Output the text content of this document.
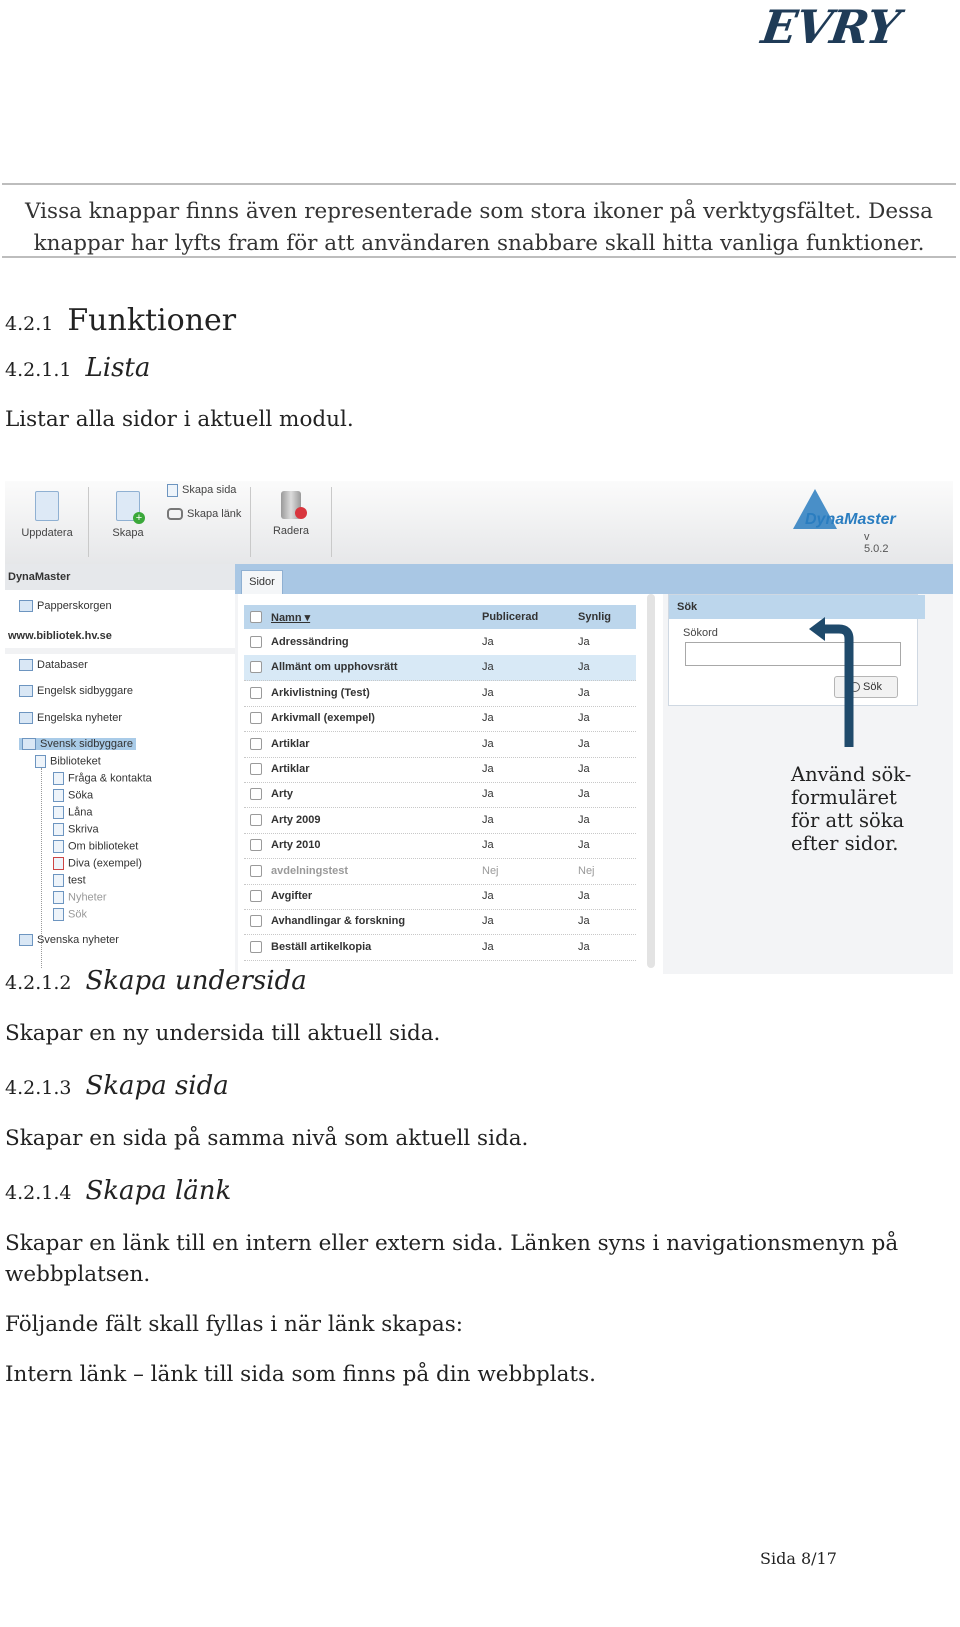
EVRY
Vissa knappar finns även representerade som stora ikoner på verktygsfältet. Dessa knappar har lyfts fram för att användaren snabbare skall hitta vanliga funktioner.
4.2.1 Funktioner
4.2.1.1 Lista
Listar alla sidor i aktuell modul.
Uppdatera
+
Skapa
Skapa sida
Skapa länk
Radera
DynaMaster
v 5.0.2
DynaMaster
Papperskorgen
www.bibliotek.hv.se
Databaser
Engelsk sidbyggare
Engelska nyheter
Svensk sidbyggare
Biblioteket
Fråga & kontakta
Söka
Låna
Skriva
Om biblioteket
Diva (exempel)
test
Nyheter
Sök
Svenska nyheter
Sidor
Namn ▾	Publicerad	Synlig
Adressändring	Ja	Ja
Allmänt om upphovsrätt	Ja	Ja
Arkivlistning (Test)	Ja	Ja
Arkivmall (exempel)	Ja	Ja
Artiklar	Ja	Ja
Artiklar	Ja	Ja
Arty	Ja	Ja
Arty 2009	Ja	Ja
Arty 2010	Ja	Ja
avdelningstest	Nej	Nej
Avgifter	Ja	Ja
Avhandlingar & forskning	Ja	Ja
Beställ artikelkopia	Ja	Ja
Sök
Sökord
Sök
Använd sök-formuläret för att söka efter sidor.
4.2.1.2 Skapa undersida
Skapar en ny undersida till aktuell sida.
4.2.1.3 Skapa sida
Skapar en sida på samma nivå som aktuell sida.
4.2.1.4 Skapa länk
Skapar en länk till en intern eller extern sida. Länken syns i navigationsmenyn på webbplatsen.
Följande fält skall fyllas i när länk skapas:
Intern länk – länk till sida som finns på din webbplats.
Sida 8/17
